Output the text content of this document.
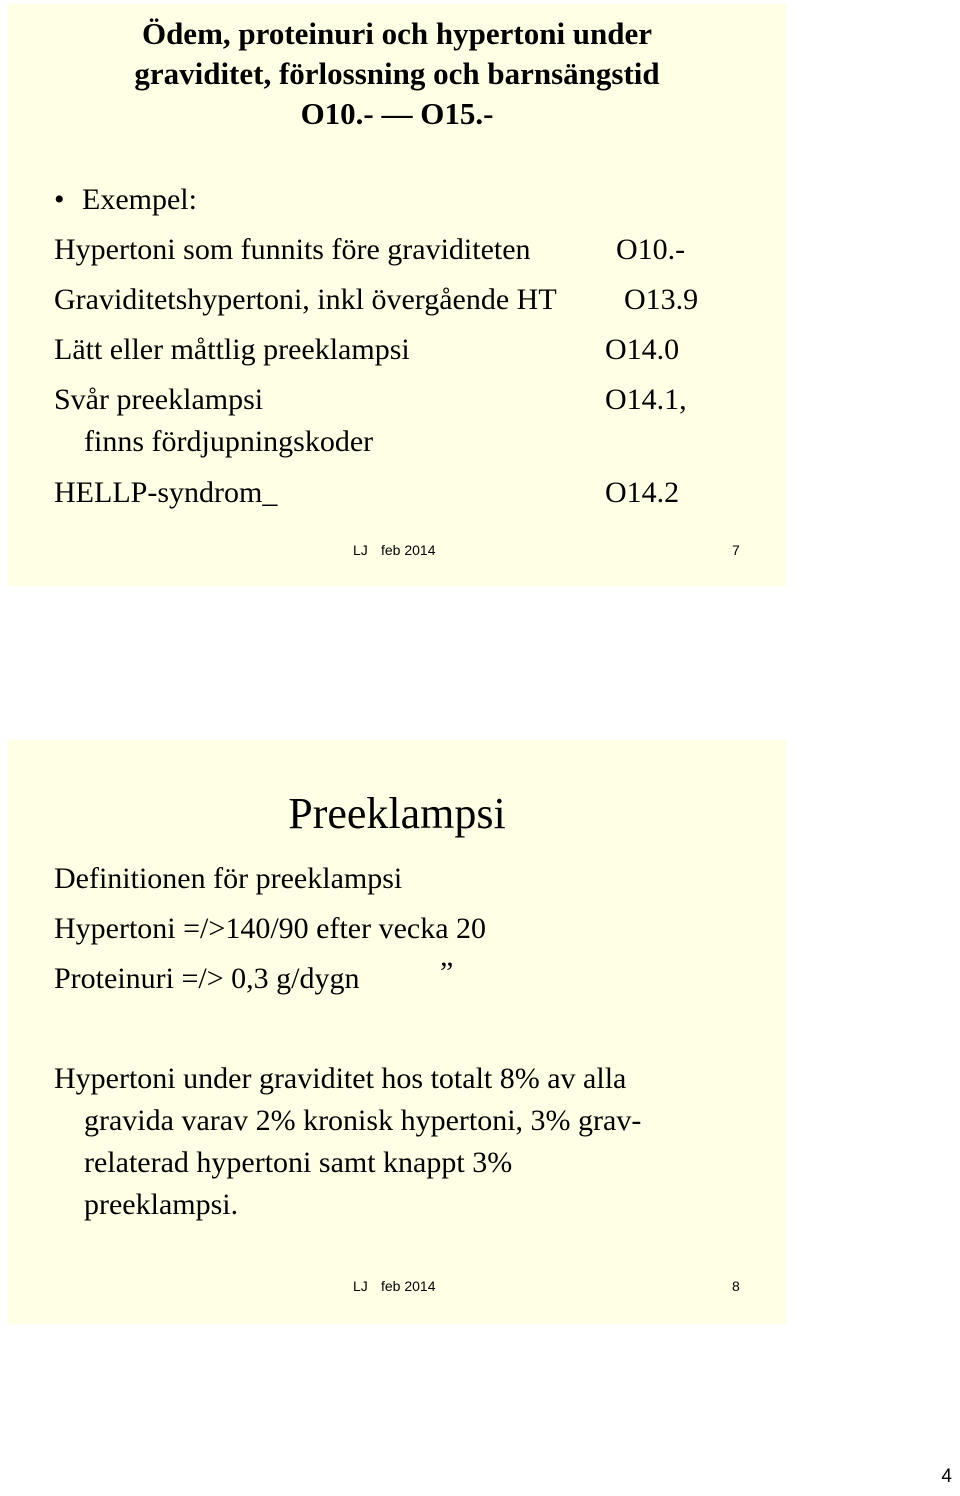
Ödem, proteinuri och hypertoni under
graviditet, förlossning och barnsängstid
O10.- — O15.-
• Exempel:
Hypertoni som funnits före graviditeten	O10.-
Graviditetshypertoni, inkl övergående HT O13.9
Lätt eller måttlig preeklampsi	O14.0
Svår preeklampsi	O14.1,
finns fördjupningskoder
HELLP-syndrom_	O14.2
LJ feb 2014	7
Preeklampsi
Definitionen för preeklampsi
Hypertoni =/>140/90 efter vecka 20
Proteinuri =/> 0,3 g/dygn	”
Hypertoni under graviditet hos totalt 8% av alla
gravida varav 2% kronisk hypertoni, 3% grav-
relaterad hypertoni samt knappt 3%
preeklampsi.
LJ feb 2014	8
4
